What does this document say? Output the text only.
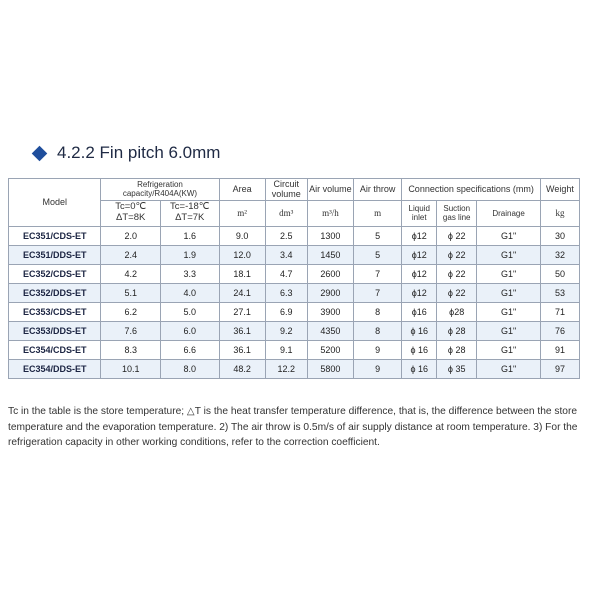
4.2.2 Fin pitch 6.0mm
Model	Refrigeration capacity/R404A(KW)		Area	Circuit volume	Air volume	Air throw	Connection specifications (mm)			Weight
	Tc=0℃ ΔT=8K	Tc=-18℃ ΔT=7K	m²	dm³	m³/h	m	Liquid inlet	Suction gas line	Drainage	kg
EC351/CDS-ET	2.0	1.6	9.0	2.5	1300	5	ϕ12	ϕ 22	G1"	30
EC351/DDS-ET	2.4	1.9	12.0	3.4	1450	5	ϕ12	ϕ 22	G1"	32
EC352/CDS-ET	4.2	3.3	18.1	4.7	2600	7	ϕ12	ϕ 22	G1"	50
EC352/DDS-ET	5.1	4.0	24.1	6.3	2900	7	ϕ12	ϕ 22	G1"	53
EC353/CDS-ET	6.2	5.0	27.1	6.9	3900	8	ϕ16	ϕ28	G1"	71
EC353/DDS-ET	7.6	6.0	36.1	9.2	4350	8	ϕ 16	ϕ 28	G1"	76
EC354/CDS-ET	8.3	6.6	36.1	9.1	5200	9	ϕ 16	ϕ 28	G1"	91
EC354/DDS-ET	10.1	8.0	48.2	12.2	5800	9	ϕ 16	ϕ 35	G1"	97
Tc in the table is the store temperature; △T is the heat transfer temperature difference, that is, the difference between the store temperature and the evaporation temperature. 2) The air throw is 0.5m/s of air supply distance at room temperature. 3) For the refrigeration capacity in other working conditions, refer to the correction coefficient.
